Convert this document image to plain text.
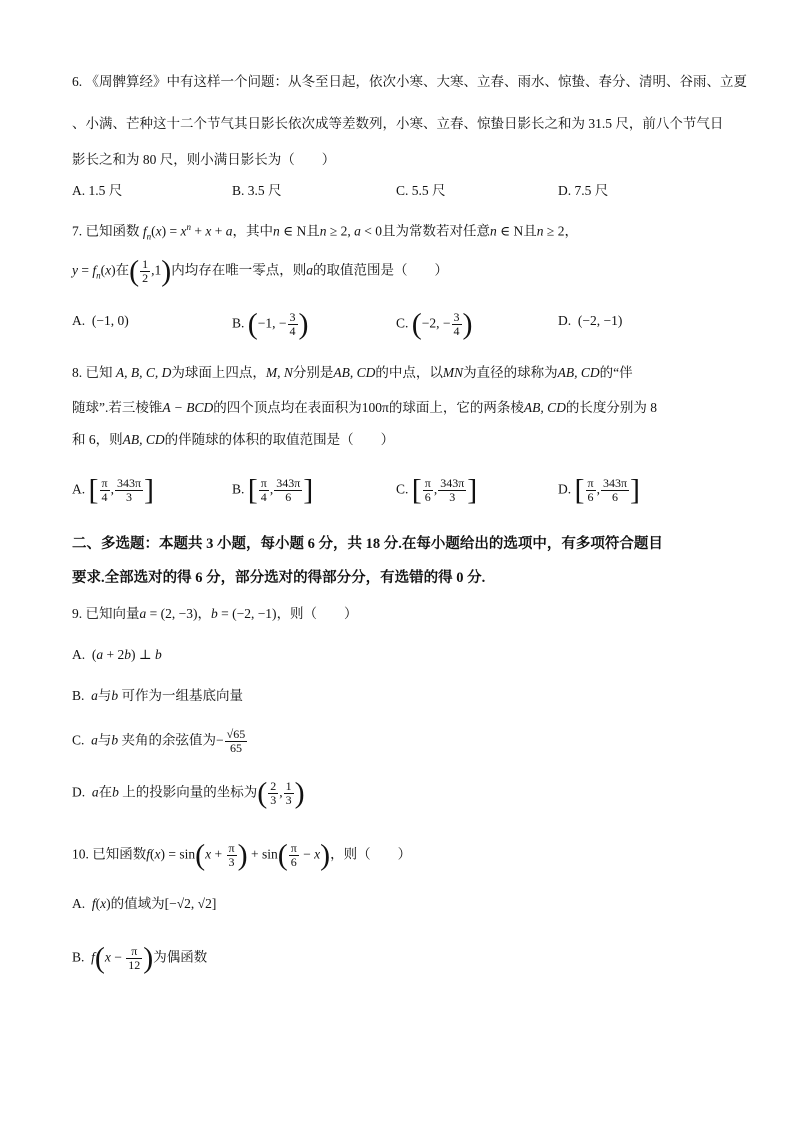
6. 《周髀算经》中有这样一个问题：从冬至日起，依次小寒、大寒、立春、雨水、惊蛰、春分、清明、谷雨、立夏
、小满、芒种这十二个节气其日影长依次成等差数列，小寒、立春、惊蛰日影长之和为 31.5 尺，前八个节气日
影长之和为 80 尺，则小满日影长为（　　）
A. 1.5 尺	B. 3.5 尺	C. 5.5 尺	D. 7.5 尺
7. 已知函数 $f_n(x) = x^n + x + a$，其中n ∈ N且n ≥ 2, a < 0且为常数若对任意n ∈ N且n ≥ 2，
$y = f_n(x)$在( $\frac{1}{2} ,1$)内均存在唯一零点，则a的取值范围是（　　）
A.  (−1, 0)	B. (−1, − $\frac{3}{4}$ )	C. (−2, − $\frac{3}{4}$ )	D.  (−2, −1)
8. 已知 A, B, C, D为球面上四点，M, N分别是AB, CD的中点，以MN为直径的球称为AB, CD的“伴
随球”.若三棱锥A − BCD的四个顶点均在表面积为100π的球面上，它的两条棱AB, CD的长度分别为 8
和 6，则AB, CD的伴随球的体积的取值范围是（　　）
A. [ $\frac{\pi}{4}$ , $\frac{343\pi}{3}$ ]	B. [ $\frac{\pi}{4}$ , $\frac{343\pi}{6}$ ]	C. [ $\frac{\pi}{6}$ , $\frac{343\pi}{3}$ ]	D. [ $\frac{\pi}{6}$ , $\frac{343\pi}{6}$ ]
二、多选题：本题共 3 小题，每小题 6 分，共 18 分.在每小题给出的选项中，有多项符合题目
要求.全部选对的得 6 分，部分选对的得部分分，有选错的得 0 分.
9. 已知向量a = (2, −3)，b = (−2, −1)，则（　　）
A.  (a + 2b) ⊥ b
B. a与b 可作为一组基底向量
C. a与b 夹角的余弦值为− $\frac{√65}{65}$
D. a在b 上的投影向量的坐标为( $\frac{2}{3}$ , $\frac{1}{3}$ )
10. 已知函数$f(x) = \sin(x + \frac{\pi}{3}$ ) + $\sin( \frac{\pi}{6} - x)$，则（　　）
A. f(x)的值域为[−√2, √2]
B. $f(x - \frac{\pi}{12}$ )为偶函数
